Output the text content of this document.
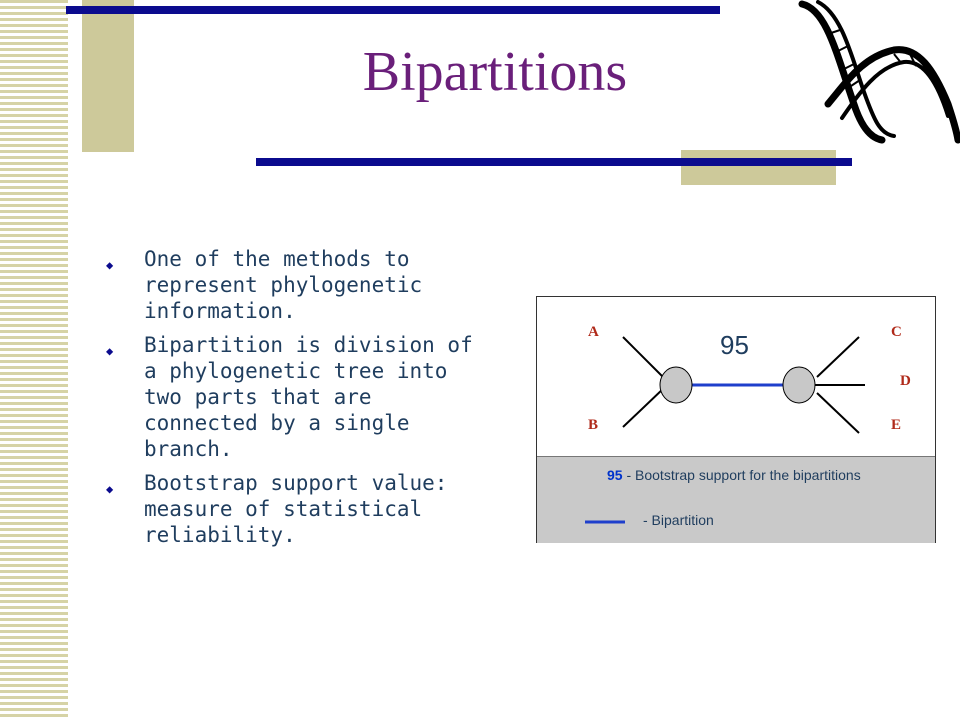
Bipartitions
◆ One of the methods to represent phylogenetic information.
◆ Bipartition is division of a phylogenetic tree into two parts that are connected by a single branch.
◆ Bootstrap support value: measure of statistical reliability.
A
B
C
D
E
95
95 - Bootstrap support for the bipartitions
- Bipartition
